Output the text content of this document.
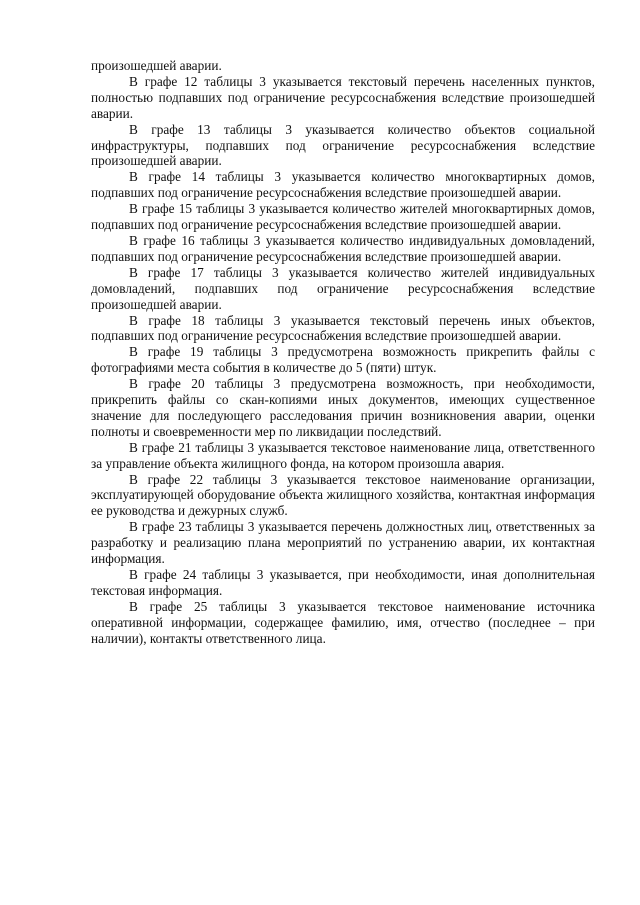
произошедшей аварии.

В графе 12 таблицы 3 указывается текстовый перечень населенных пунктов, полностью подпавших под ограничение ресурсоснабжения вследствие произошедшей аварии.

В графе 13 таблицы 3 указывается количество объектов социальной инфраструктуры, подпавших под ограничение ресурсоснабжения вследствие произошедшей аварии.

В графе 14 таблицы 3 указывается количество многоквартирных домов, подпавших под ограничение ресурсоснабжения вследствие произошедшей аварии.

В графе 15 таблицы 3 указывается количество жителей многоквартирных домов, подпавших под ограничение ресурсоснабжения вследствие произошедшей аварии.

В графе 16 таблицы 3 указывается количество индивидуальных домовладений, подпавших под ограничение ресурсоснабжения вследствие произошедшей аварии.

В графе 17 таблицы 3 указывается количество жителей индивидуальных домовладений, подпавших под ограничение ресурсоснабжения вследствие произошедшей аварии.

В графе 18 таблицы 3 указывается текстовый перечень иных объектов, подпавших под ограничение ресурсоснабжения вследствие произошедшей аварии.

В графе 19 таблицы 3 предусмотрена возможность прикрепить файлы с фотографиями места события в количестве до 5 (пяти) штук.

В графе 20 таблицы 3 предусмотрена возможность, при необходимости, прикрепить файлы со скан-копиями иных документов, имеющих существенное значение для последующего расследования причин возникновения аварии, оценки полноты и своевременности мер по ликвидации последствий.

В графе 21 таблицы 3 указывается текстовое наименование лица, ответственного за управление объекта жилищного фонда, на котором произошла авария.

В графе 22 таблицы 3 указывается текстовое наименование организации, эксплуатирующей оборудование объекта жилищного хозяйства, контактная информация ее руководства и дежурных служб.

В графе 23 таблицы 3 указывается перечень должностных лиц, ответственных за разработку и реализацию плана мероприятий по устранению аварии, их контактная информация.

В графе 24 таблицы 3 указывается, при необходимости, иная дополнительная текстовая информация.

В графе 25 таблицы 3 указывается текстовое наименование источника оперативной информации, содержащее фамилию, имя, отчество (последнее – при наличии), контакты ответственного лица.
